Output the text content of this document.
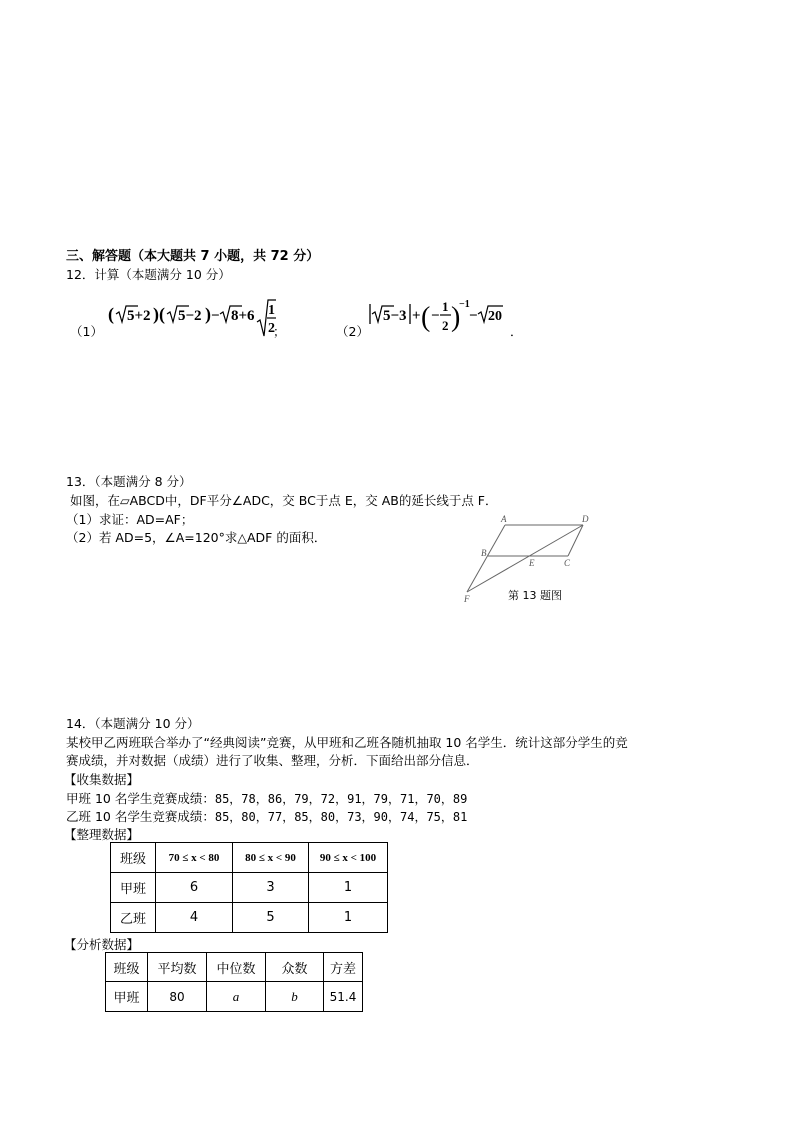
三、解答题（本大题共 7 小题，共 72 分）
12．计算（本题满分 10 分）
（1）
( 5+2 )( 5−2 ) − 8+6 1
2
；	（2）
5−3 + ( −
1
2 )
−1
− 20
．
13．（本题满分 8 分）
如图，在▱ABCD中，DF平分∠ADC，交 BC于点 E，交 AB的延长线于点 F．
（1）求证：AD=AF；
（2）若 AD=5，∠A=120°求△ADF 的面积．
A	D
B
C
E
F	第 13 题图
14．（本题满分 10 分）
某校甲乙两班联合举办了“经典阅读”竞赛，从甲班和乙班各随机抽取 10 名学生．统计这部分学生的竞
赛成绩，并对数据（成绩）进行了收集、整理，分析．下面给出部分信息．
【收集数据】
甲班 10 名学生竞赛成绩：85，78，86，79，72，91，79，71，70，89
乙班 10 名学生竞赛成绩：85，80，77，85，80，73，90，74，75，81
【整理数据】
班级	70 ≤ x < 80	80 ≤ x < 90	90 ≤ x < 100
甲班	6	3	1
乙班	4	5	1
【分析数据】
班级	平均数	中位数	众数	方差
甲班	80	a	b	51.4
